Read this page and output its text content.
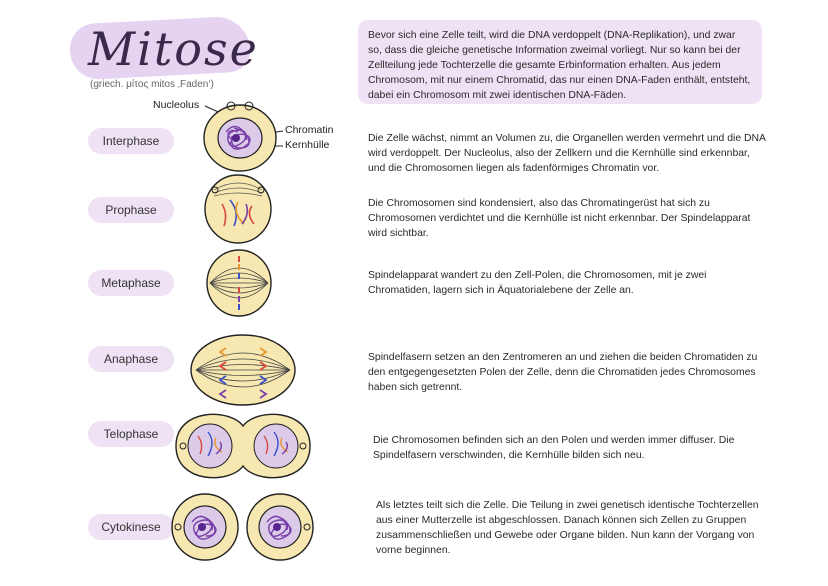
Mitose
(griech. μίτος mitos ‚Faden‘)
Bevor sich eine Zelle teilt, wird die DNA verdoppelt (DNA-Replikation), und zwar so, dass die gleiche genetische Information zweimal vorliegt. Nur so kann bei der Zellteilung jede Tochterzelle die gesamte Erbinformation erhalten. Aus jedem Chromosom, mit nur einem Chromatid, das nur einen DNA-Faden enthält, entsteht, dabei ein Chromosom mit zwei identischen DNA-Fäden.
Interphase
Prophase
Metaphase
Anaphase
Telophase
Cytokinese
Die Zelle wächst, nimmt an Volumen zu, die Organellen werden vermehrt und die DNA wird verdoppelt. Der Nucleolus, also der Zellkern und die Kernhülle sind erkennbar, und die Chromosomen liegen als fadenförmiges Chromatin vor.
Die Chromosomen sind kondensiert, also das Chromatingerüst hat sich zu Chromosomen verdichtet und die Kernhülle ist nicht erkennbar. Der Spindelapparat wird sichtbar.
Spindelapparat wandert zu den Zell-Polen, die Chromosomen, mit je zwei Chromatiden, lagern sich in Äquatorialebene der Zelle an.
Spindelfasern setzen an den Zentromeren an und ziehen die beiden Chromatiden zu den entgegengesetzten Polen der Zelle, denn die Chromatiden jedes Chromosomes haben sich getrennt.
Die Chromosomen befinden sich an den Polen und werden immer diffuser. Die Spindelfasern verschwinden, die Kernhülle bilden sich neu.
Als letztes teilt sich die Zelle. Die Teilung in zwei genetisch identische Tochterzellen aus einer Mutterzelle ist abgeschlossen. Danach können sich Zellen zu Gruppen zusammenschließen und Gewebe oder Organe bilden. Nun kann der Vorgang von vorne beginnen.
Nucleolus
Chromatin
Kernhülle
